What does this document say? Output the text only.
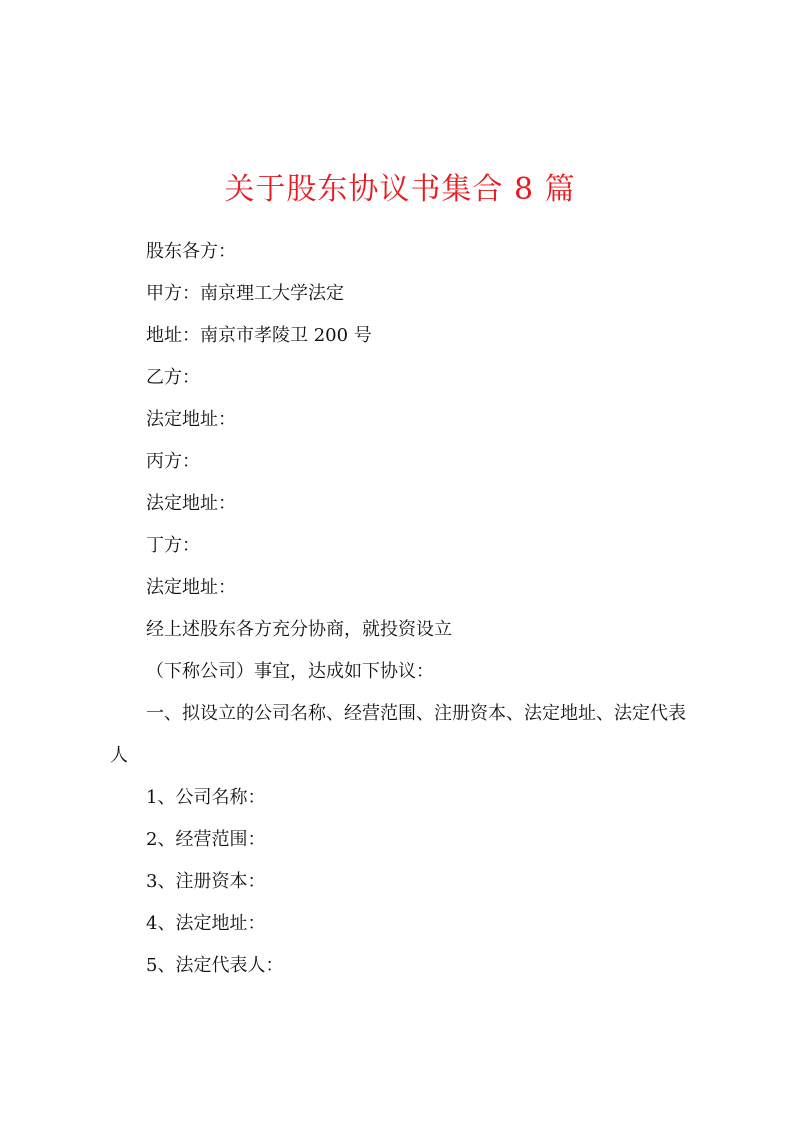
关于股东协议书集合 8 篇
股东各方：
甲方：南京理工大学法定
地址：南京市孝陵卫 200 号
乙方：
法定地址：
丙方：
法定地址：
丁方：
法定地址：
经上述股东各方充分协商，就投资设立
（下称公司）事宜，达成如下协议：
一、拟设立的公司名称、经营范围、注册资本、法定地址、法定代表
人
1、公司名称：
2、经营范围：
3、注册资本：
4、法定地址：
5、法定代表人：
